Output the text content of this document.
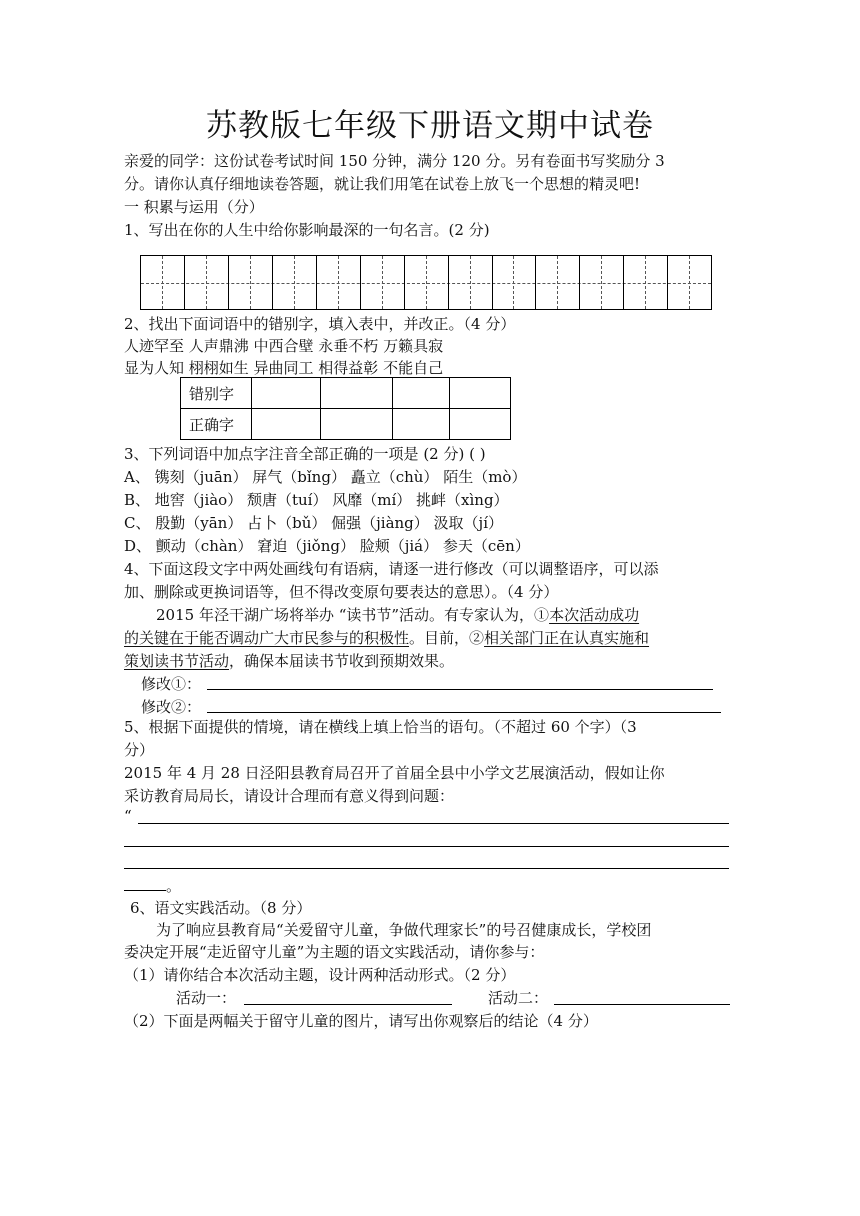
苏教版七年级下册语文期中试卷
亲爱的同学：这份试卷考试时间 150 分钟，满分 120 分。另有卷面书写奖励分 3
分。请你认真仔细地读卷答题，就让我们用笔在试卷上放飞一个思想的精灵吧!
一 积累与运用（分）
1、写出在你的人生中给你影响最深的一句名言。(2 分)
2、找出下面词语中的错别字，填入表中，并改正。（4 分）
人迹罕至 人声鼎沸 中西合壁 永垂不朽 万籁具寂
显为人知 栩栩如生 异曲同工 相得益彰 不能自己
错别字				
正确字				
3、下列词语中加点字注音全部正确的一项是 (2 分) ( )
A、 镌刻（juān） 屏气（bǐng） 矗立（chù） 陌生（mò）
B、 地窖（jiào） 颓唐（tuí） 风靡（mí） 挑衅（xìng）
C、 殷勤（yān） 占卜（bǔ） 倔强（jiàng） 汲取（jí）
D、 颤动（chàn） 窘迫（jiǒng） 脸颊（jiá） 参天（cēn）
4、下面这段文字中两处画线句有语病，请逐一进行修改（可以调整语序，可以添
加、删除或更换词语等，但不得改变原句要表达的意思）。（4 分）
2015 年泾干湖广场将举办 “读书节”活动。有专家认为，①本次活动成功
的关键在于能否调动广大市民参与的积极性。目前，②相关部门正在认真实施和
策划读书节活动，确保本届读书节收到预期效果。
修改①：
修改②：
5、根据下面提供的情境，请在横线上填上恰当的语句。（不超过 60 个字）（3
分）
2015 年 4 月 28 日泾阳县教育局召开了首届全县中小学文艺展演活动，假如让你
采访教育局局长，请设计合理而有意义得到问题：
“
。
6、语文实践活动。（8 分）
为了响应县教育局“关爱留守儿童，争做代理家长”的号召健康成长，学校团
委决定开展“走近留守儿童”为主题的语文实践活动，请你参与：
（1）请你结合本次活动主题，设计两种活动形式。（2 分）
活动一：	活动二：
（2）下面是两幅关于留守儿童的图片，请写出你观察后的结论（4 分）
